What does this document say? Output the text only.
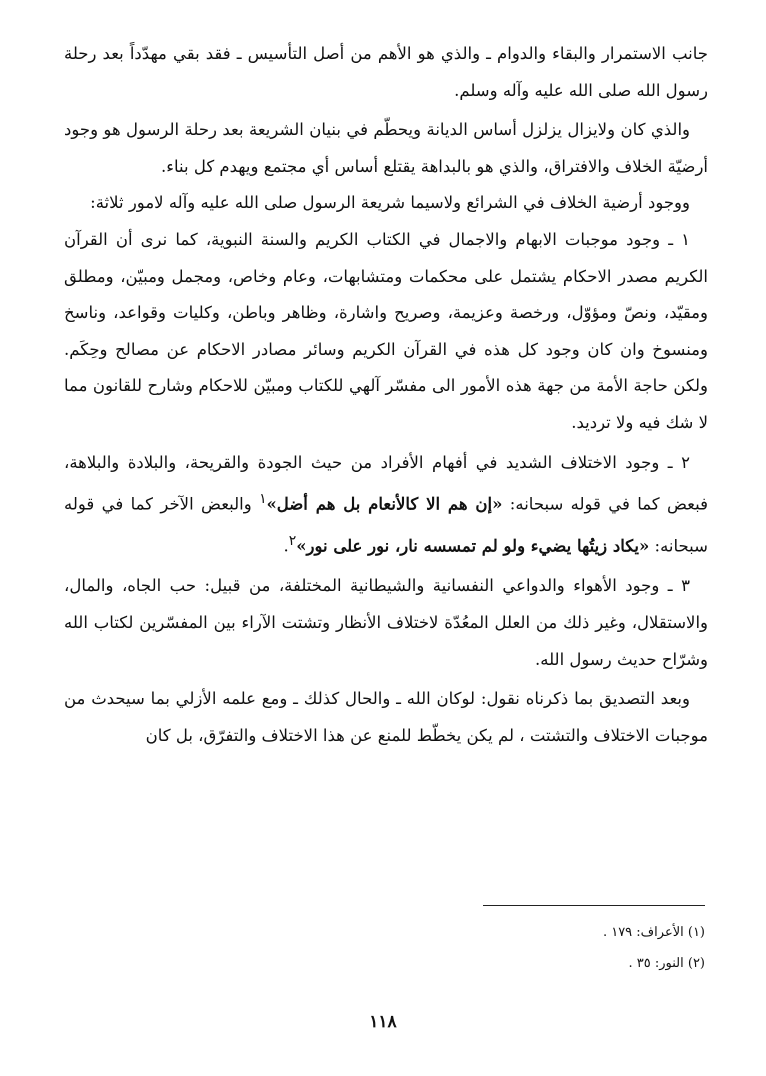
جانب الاستمرار والبقاء والدوام ـ والذي هو الأهم من أصل التأسيس ـ فقد بقي مهدّداً بعد رحلة رسول الله صلى الله عليه وآله وسلم.

والذي كان ولايزال يزلزل أساس الديانة ويحطّم في بنيان الشريعة بعد رحلة الرسول هو وجود أرضيّة الخلاف والافتراق، والذي هو بالبداهة يقتلع أساس أي مجتمع ويهدم كل بناء.

ووجود أرضية الخلاف في الشرائع ولاسيما شريعة الرسول صلى الله عليه وآله لامور ثلاثة:

١ ـ وجود موجبات الابهام والاجمال في الكتاب الكريم والسنة النبوية، كما نرى أن القرآن الكريم مصدر الاحكام يشتمل على محكمات ومتشابهات، وعام وخاص، ومجمل ومبيّن، ومطلق ومقيّد، ونصّ ومؤوّل، ورخصة وعزيمة، وصريح واشارة، وظاهر وباطن، وكليات وقواعد، وناسخ ومنسوخ وان كان وجود كل هذه في القرآن الكريم وسائر مصادر الاحكام عن مصالح وحِكَم. ولكن حاجة الأمة من جهة هذه الأمور الى مفسّر آلهي للكتاب ومبيّن للاحكام وشارح للقانون مما لا شك فيه ولا ترديد.

٢ ـ وجود الاختلاف الشديد في أفهام الأفراد من حيث الجودة والقريحة، والبلادة والبلاهة، فبعض كما في قوله سبحانه: «إن هم الا كالأنعام بل هم أضل»$^١$ والبعض الآخر كما في قوله سبحانه: «يكاد زيتُها يضيء ولو لم تمسسه نار، نور على نور»$^٢$.

٣ ـ وجود الأهواء والدواعي النفسانية والشيطانية المختلفة، من قبيل: حب الجاه، والمال، والاستقلال، وغير ذلك من العلل المعُدّة لاختلاف الأنظار وتشتت الآراء بين المفسّرين لكتاب الله وشرّاح حديث رسول الله.

وبعد التصديق بما ذكرناه نقول: لوكان الله ـ والحال كذلك ـ ومع علمه الأزلي بما سيحدث من موجبات الاختلاف والتشتت ، لم يكن يخطّط للمنع عن هذا الاختلاف والتفرّق، بل كان

(١) الأعراف: ١٧٩ .

(٢) النور: ٣٥ .

١١٨
